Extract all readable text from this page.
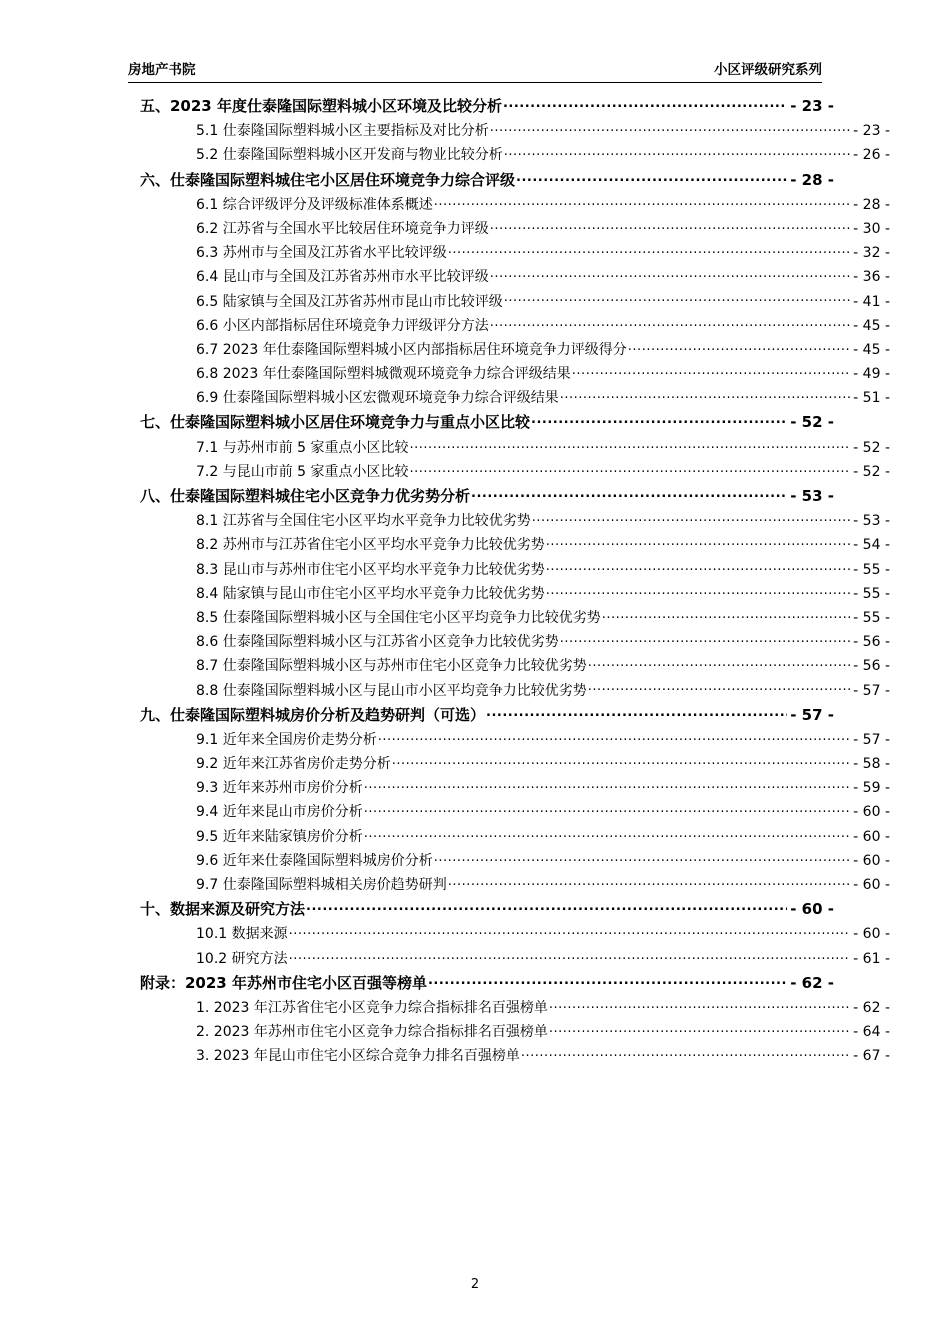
房地产书院	小区评级研究系列
五、2023 年度仕泰隆国际塑料城小区环境及比较分析 .....	- 23 -
5.1 仕泰隆国际塑料城小区主要指标及对比分析 .....	- 23 -
5.2 仕泰隆国际塑料城小区开发商与物业比较分析 .....	- 26 -
六、仕泰隆国际塑料城住宅小区居住环境竞争力综合评级 .....	- 28 -
6.1 综合评级评分及评级标准体系概述 .....	- 28 -
6.2 江苏省与全国水平比较居住环境竞争力评级 .....	- 30 -
6.3 苏州市与全国及江苏省水平比较评级 .....	- 32 -
6.4 昆山市与全国及江苏省苏州市水平比较评级 .....	- 36 -
6.5 陆家镇与全国及江苏省苏州市昆山市比较评级 .....	- 41 -
6.6 小区内部指标居住环境竞争力评级评分方法 .....	- 45 -
6.7 2023 年仕泰隆国际塑料城小区内部指标居住环境竞争力评级得分 .....	- 45 -
6.8 2023 年仕泰隆国际塑料城微观环境竞争力综合评级结果 .....	- 49 -
6.9 仕泰隆国际塑料城小区宏微观环境竞争力综合评级结果 .....	- 51 -
七、仕泰隆国际塑料城小区居住环境竞争力与重点小区比较 .....	- 52 -
7.1 与苏州市前 5 家重点小区比较 .....	- 52 -
7.2 与昆山市前 5 家重点小区比较 .....	- 52 -
八、仕泰隆国际塑料城住宅小区竞争力优劣势分析 .....	- 53 -
8.1 江苏省与全国住宅小区平均水平竞争力比较优劣势 .....	- 53 -
8.2 苏州市与江苏省住宅小区平均水平竞争力比较优劣势 .....	- 54 -
8.3 昆山市与苏州市住宅小区平均水平竞争力比较优劣势 .....	- 55 -
8.4 陆家镇与昆山市住宅小区平均水平竞争力比较优劣势 .....	- 55 -
8.5 仕泰隆国际塑料城小区与全国住宅小区平均竞争力比较优劣势 .....	- 55 -
8.6 仕泰隆国际塑料城小区与江苏省小区竞争力比较优劣势 .....	- 56 -
8.7 仕泰隆国际塑料城小区与苏州市住宅小区竞争力比较优劣势 .....	- 56 -
8.8 仕泰隆国际塑料城小区与昆山市小区平均竞争力比较优劣势 .....	- 57 -
九、仕泰隆国际塑料城房价分析及趋势研判（可选） .....	- 57 -
9.1 近年来全国房价走势分析 .....	- 57 -
9.2 近年来江苏省房价走势分析 .....	- 58 -
9.3 近年来苏州市房价分析 .....	- 59 -
9.4 近年来昆山市房价分析 .....	- 60 -
9.5 近年来陆家镇房价分析 .....	- 60 -
9.6 近年来仕泰隆国际塑料城房价分析 .....	- 60 -
9.7 仕泰隆国际塑料城相关房价趋势研判 .....	- 60 -
十、数据来源及研究方法 .....	- 60 -
10.1 数据来源 .....	- 60 -
10.2 研究方法 .....	- 61 -
附录：2023 年苏州市住宅小区百强等榜单 .....	- 62 -
1. 2023 年江苏省住宅小区竞争力综合指标排名百强榜单 .....	- 62 -
2. 2023 年苏州市住宅小区竞争力综合指标排名百强榜单 .....	- 64 -
3. 2023 年昆山市住宅小区综合竞争力排名百强榜单 .....	- 67 -
2
